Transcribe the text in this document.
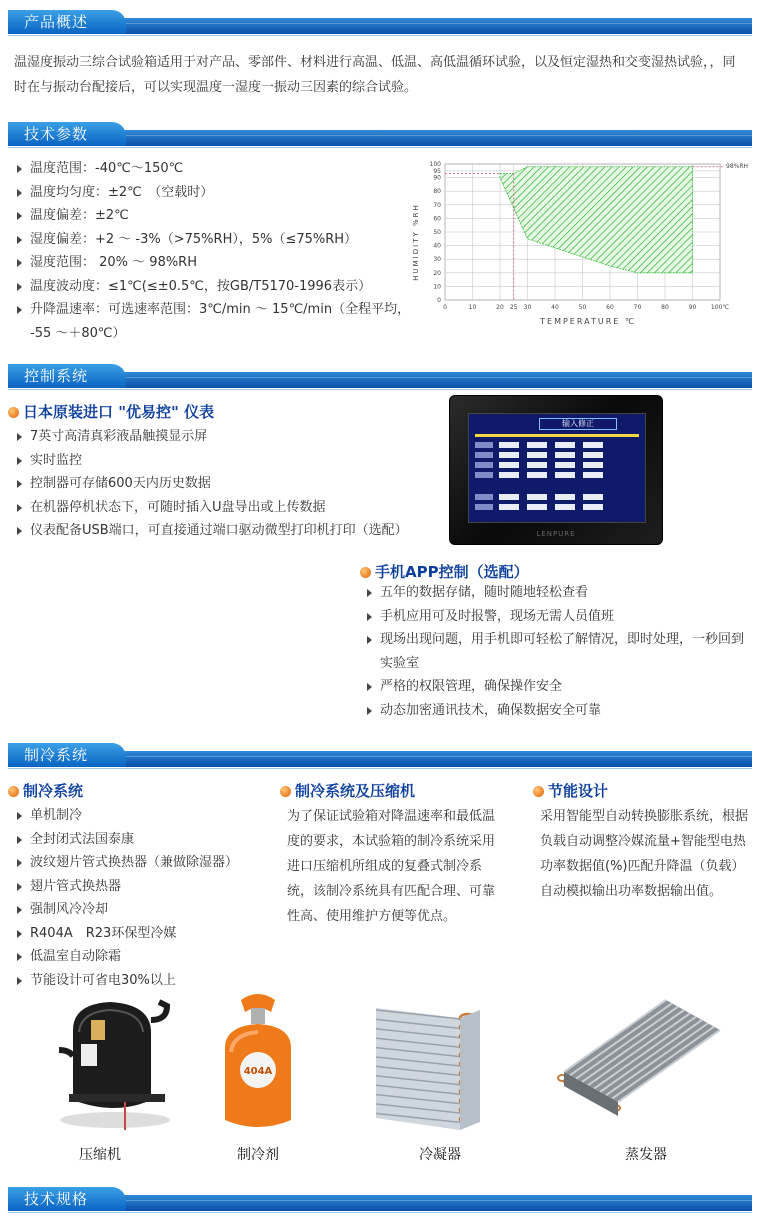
产品概述

温湿度振动三综合试验箱适用于对产品、零部件、材料进行高温、低温、高低温循环试验，以及恒定湿热和交变湿热试验，，同时在与振动台配接后，可以实现温度一湿度一振动三因素的综合试验。

技术参数
温度范围：-40℃～150℃
温度均匀度：±2℃　（空载时）
温度偏差：±2℃
湿度偏差：+2 ～ -3%（>75%RH），5%（≤75%RH）
湿度范围： 20% ～ 98%RH
温度波动度：≤1℃(≤±0.5℃，按GB/T5170-1996表示）
升降温速率：可选速率范围：3℃/min ～ 15℃/min（全程平均，
-55 ～＋80℃）
0	10	20 25 30	40	50	60	70	80	90 100℃
0
10
20
30
40
50
60
70
80
90
95
100
HUMIDITY %RH
TEMPERATURE ℃
98%RH
控制系统
日本原装进口 "优易控" 仪表
7英寸高清真彩液晶触摸显示屏
实时监控
控制器可存储600天内历史数据
在机器停机状态下，可随时插入U盘导出或上传数据
仪表配备USB端口，可直接通过端口驱动微型打印机打印（选配）
输入修正
LENPURE
手机APP控制（选配）
五年的数据存储，随时随地轻松查看
手机应用可及时报警，现场无需人员值班
现场出现问题，用手机即可轻松了解情况，即时处理，一秒回到
实验室
严格的权限管理，确保操作安全
动态加密通讯技术，确保数据安全可靠
制冷系统
制冷系统
单机制冷
全封闭式法国泰康
波纹翅片管式换热器（兼做除湿器）
翅片管式换热器
强制风冷冷却
R404A　R23环保型冷媒
低温室自动除霜
节能设计可省电30%以上
制冷系统及压缩机

为了保证试验箱对降温速率和最低温度的要求，本试验箱的制冷系统采用进口压缩机所组成的复叠式制冷系统，该制冷系统具有匹配合理、可靠性高、使用维护方便等优点。

节能设计

采用智能型自动转换膨胀系统，根据负载自动调整冷媒流量+智能型电热功率数据值(%)匹配升降温（负载）自动模拟输出功率数据输出值。

404A
压缩机	制冷剂	冷凝器	蒸发器
技术规格
